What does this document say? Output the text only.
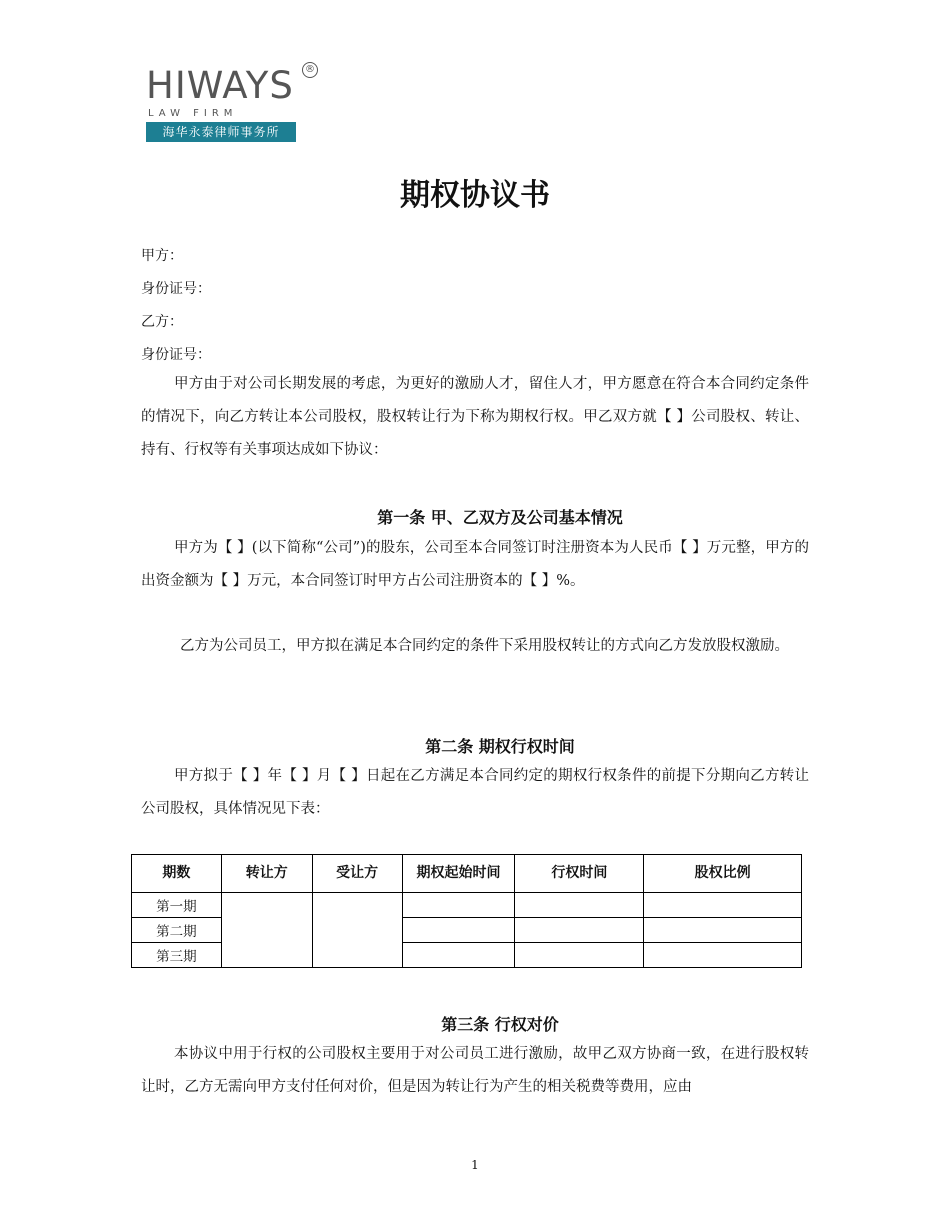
HIWAYS	®
LAW FIRM
海华永泰律师事务所
期权协议书
甲方：
身份证号：
乙方：
身份证号：
甲方由于对公司长期发展的考虑，为更好的激励人才，留住人才，甲方愿意在符合本合同约定条件的情况下，向乙方转让本公司股权，股权转让行为下称为期权行权。甲乙双方就【 】公司股权、转让、持有、行权等有关事项达成如下协议：
第一条 甲、乙双方及公司基本情况
甲方为【 】(以下简称“公司”)的股东，公司至本合同签订时注册资本为人民币【 】万元整，甲方的出资金额为【 】万元，本合同签订时甲方占公司注册资本的【 】%。
乙方为公司员工，甲方拟在满足本合同约定的条件下采用股权转让的方式向乙方发放股权激励。
第二条 期权行权时间
甲方拟于【 】年【 】月【 】日起在乙方满足本合同约定的期权行权条件的前提下分期向乙方转让公司股权，具体情况见下表：
期数	转让方	受让方	期权起始时间	行权时间	股权比例
第一期					
第二期					
第三期					
第三条 行权对价
本协议中用于行权的公司股权主要用于对公司员工进行激励，故甲乙双方协商一致，在进行股权转让时，乙方无需向甲方支付任何对价，但是因为转让行为产生的相关税费等费用，应由
1
